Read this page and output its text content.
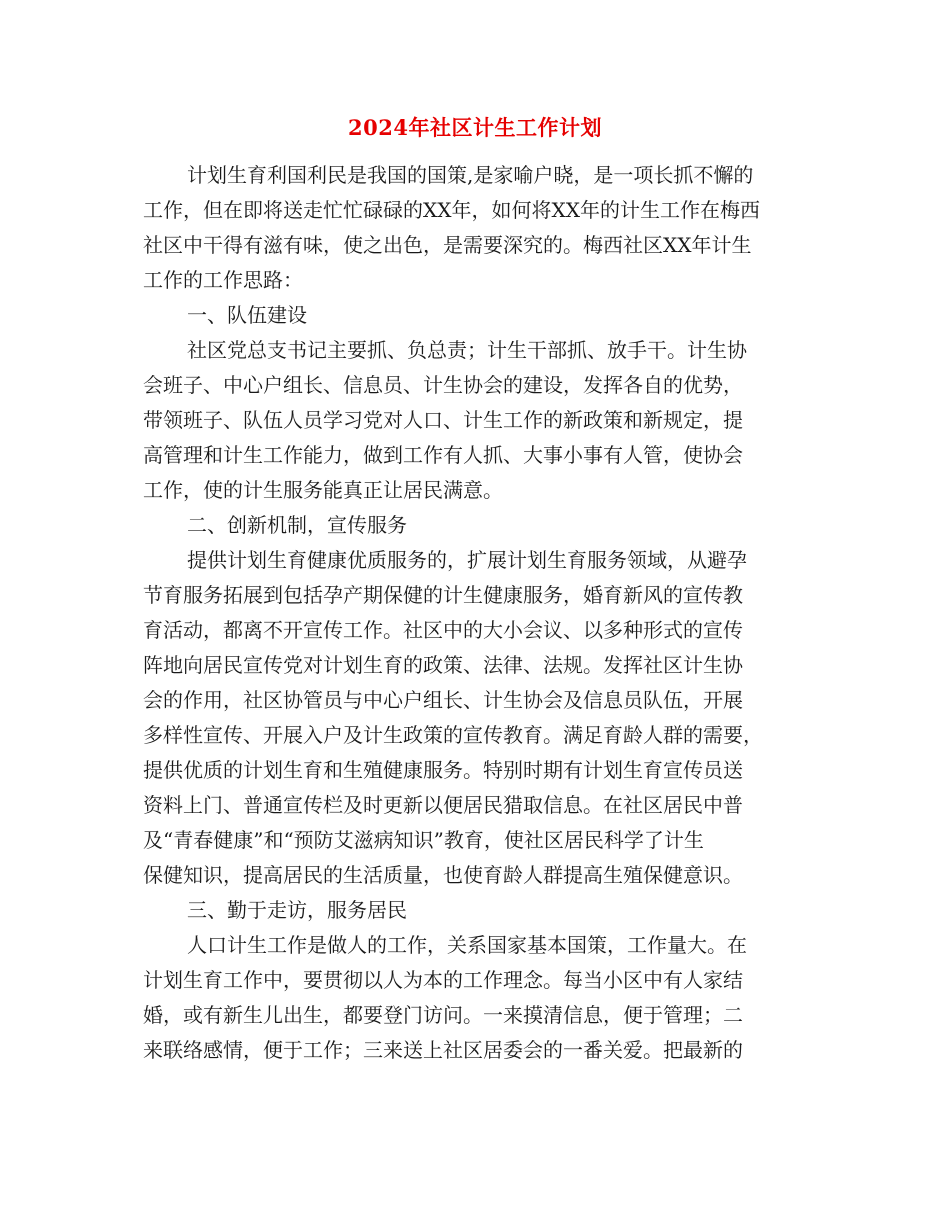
2024年社区计生工作计划
计划生育利国利民是我国的国策,是家喻户晓，是一项长抓不懈的
工作，但在即将送走忙忙碌碌的XX年，如何将XX年的计生工作在梅西
社区中干得有滋有味，使之出色，是需要深究的。梅西社区XX年计生
工作的工作思路：
一、队伍建设
社区党总支书记主要抓、负总责；计生干部抓、放手干。计生协
会班子、中心户组长、信息员、计生协会的建设，发挥各自的优势，
带领班子、队伍人员学习党对人口、计生工作的新政策和新规定，提
高管理和计生工作能力，做到工作有人抓、大事小事有人管，使协会
工作，使的计生服务能真正让居民满意。
二、创新机制，宣传服务
提供计划生育健康优质服务的，扩展计划生育服务领域，从避孕
节育服务拓展到包括孕产期保健的计生健康服务，婚育新风的宣传教
育活动，都离不开宣传工作。社区中的大小会议、以多种形式的宣传
阵地向居民宣传党对计划生育的政策、法律、法规。发挥社区计生协
会的作用，社区协管员与中心户组长、计生协会及信息员队伍，开展
多样性宣传、开展入户及计生政策的宣传教育。满足育龄人群的需要，
提供优质的计划生育和生殖健康服务。特别时期有计划生育宣传员送
资料上门、普通宣传栏及时更新以便居民猎取信息。在社区居民中普
及“青春健康”和“预防艾滋病知识”教育，使社区居民科学了计生
保健知识，提高居民的生活质量，也使育龄人群提高生殖保健意识。
三、勤于走访，服务居民
人口计生工作是做人的工作，关系国家基本国策，工作量大。在
计划生育工作中，要贯彻以人为本的工作理念。每当小区中有人家结
婚，或有新生儿出生，都要登门访问。一来摸清信息，便于管理；二
来联络感情，便于工作；三来送上社区居委会的一番关爱。把最新的
